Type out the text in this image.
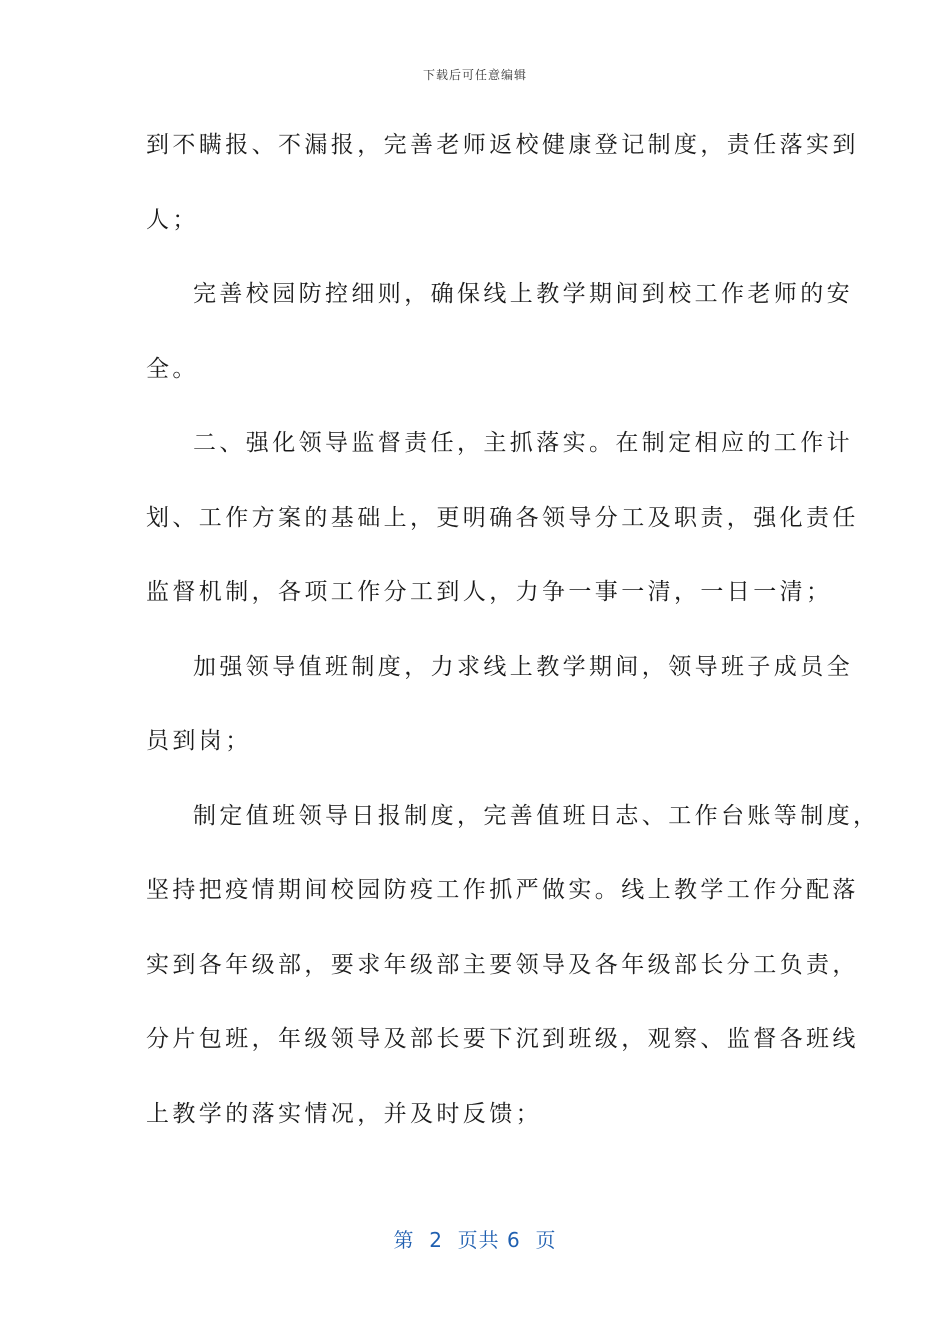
下载后可任意编辑
到不瞒报、不漏报，完善老师返校健康登记制度，责任落实到
人；
完善校园防控细则，确保线上教学期间到校工作老师的安
全。
二、强化领导监督责任，主抓落实。在制定相应的工作计
划、工作方案的基础上，更明确各领导分工及职责，强化责任
监督机制，各项工作分工到人，力争一事一清，一日一清；
加强领导值班制度，力求线上教学期间，领导班子成员全
员到岗；
制定值班领导日报制度，完善值班日志、工作台账等制度，
坚持把疫情期间校园防疫工作抓严做实。线上教学工作分配落
实到各年级部，要求年级部主要领导及各年级部长分工负责，
分片包班，年级领导及部长要下沉到班级，观察、监督各班线
上教学的落实情况，并及时反馈；
第  2  页共 6  页
